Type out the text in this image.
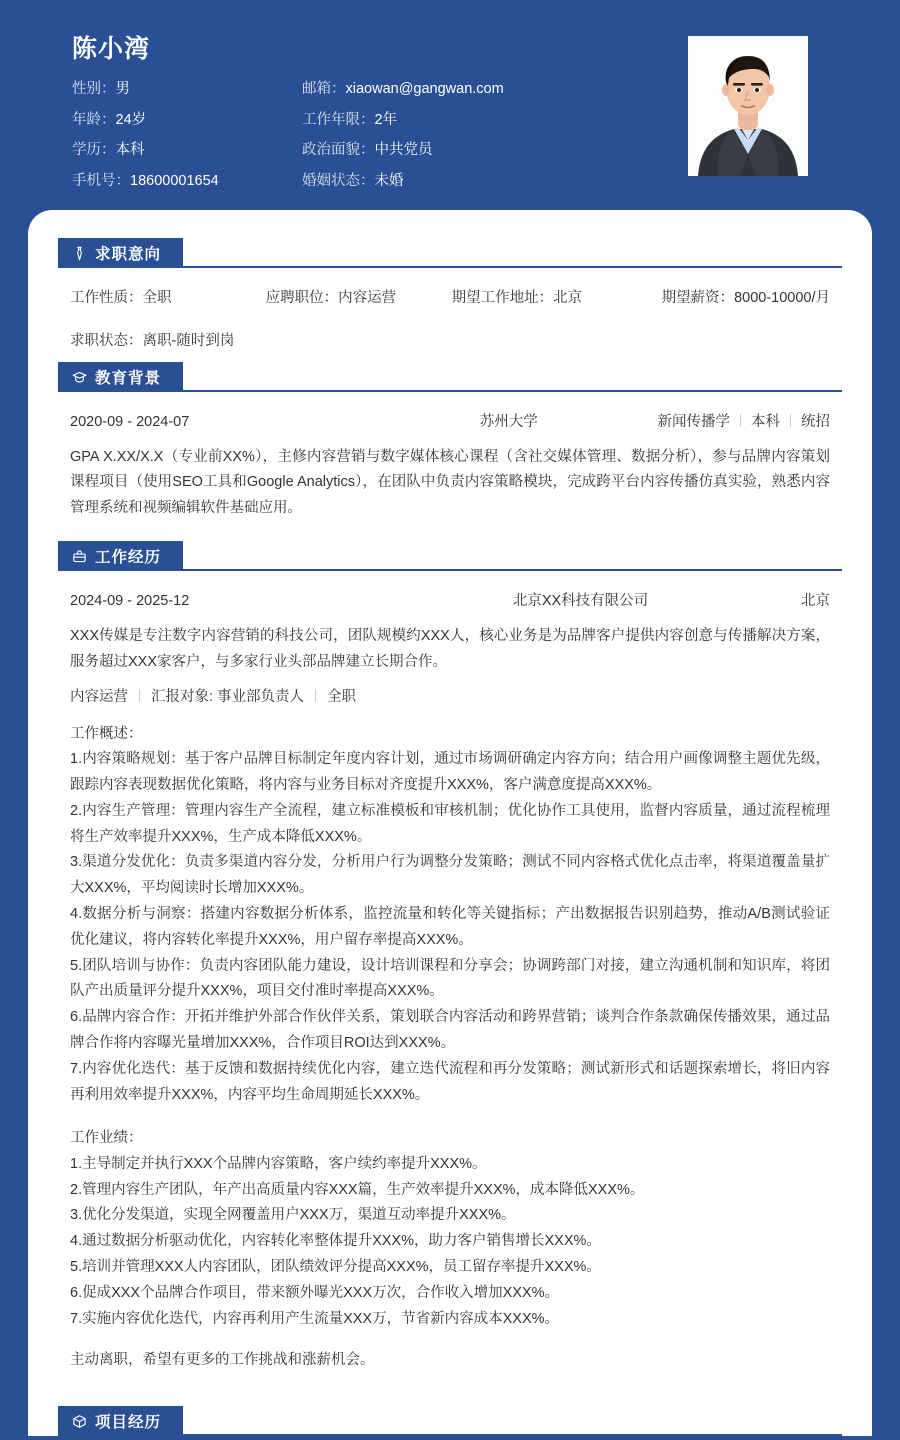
陈小湾
性别：男	邮箱：xiaowan@gangwan.com
年龄：24岁	工作年限：2年
学历：本科	政治面貌：中共党员
手机号：18600001654	婚姻状态：未婚
求职意向
工作性质：全职	应聘职位：内容运营	期望工作地址：北京	期望薪资：8000-10000/月
求职状态：离职-随时到岗
教育背景
2020-09 - 2024-07	苏州大学	新闻传播学	本科	统招
GPA X.XX/X.X（专业前XX%），主修内容营销与数字媒体核心课程（含社交媒体管理、数据分析），参与品牌内容策划课程项目（使用SEO工具和Google Analytics），在团队中负责内容策略模块，完成跨平台内容传播仿真实验，熟悉内容管理系统和视频编辑软件基础应用。
工作经历
2024-09 - 2025-12	北京XX科技有限公司	北京
XXX传媒是专注数字内容营销的科技公司，团队规模约XXX人，核心业务是为品牌客户提供内容创意与传播解决方案，服务超过XXX家客户，与多家行业头部品牌建立长期合作。
内容运营	汇报对象: 事业部负责人	全职
工作概述：
1.内容策略规划：基于客户品牌目标制定年度内容计划，通过市场调研确定内容方向；结合用户画像调整主题优先级，跟踪内容表现数据优化策略，将内容与业务目标对齐度提升XXX%，客户满意度提高XXX%。
2.内容生产管理：管理内容生产全流程，建立标准模板和审核机制；优化协作工具使用，监督内容质量，通过流程梳理将生产效率提升XXX%，生产成本降低XXX%。
3.渠道分发优化：负责多渠道内容分发，分析用户行为调整分发策略；测试不同内容格式优化点击率，将渠道覆盖量扩大XXX%，平均阅读时长增加XXX%。
4.数据分析与洞察：搭建内容数据分析体系，监控流量和转化等关键指标；产出数据报告识别趋势，推动A/B测试验证优化建议，将内容转化率提升XXX%，用户留存率提高XXX%。
5.团队培训与协作：负责内容团队能力建设，设计培训课程和分享会；协调跨部门对接，建立沟通机制和知识库，将团队产出质量评分提升XXX%，项目交付准时率提高XXX%。
6.品牌内容合作：开拓并维护外部合作伙伴关系，策划联合内容活动和跨界营销；谈判合作条款确保传播效果，通过品牌合作将内容曝光量增加XXX%，合作项目ROI达到XXX%。
7.内容优化迭代：基于反馈和数据持续优化内容，建立迭代流程和再分发策略；测试新形式和话题探索增长，将旧内容再利用效率提升XXX%，内容平均生命周期延长XXX%。
工作业绩：
1.主导制定并执行XXX个品牌内容策略，客户续约率提升XXX%。
2.管理内容生产团队，年产出高质量内容XXX篇，生产效率提升XXX%，成本降低XXX%。
3.优化分发渠道，实现全网覆盖用户XXX万，渠道互动率提升XXX%。
4.通过数据分析驱动优化，内容转化率整体提升XXX%，助力客户销售增长XXX%。
5.培训并管理XXX人内容团队，团队绩效评分提高XXX%，员工留存率提升XXX%。
6.促成XXX个品牌合作项目，带来额外曝光XXX万次，合作收入增加XXX%。
7.实施内容优化迭代，内容再利用产生流量XXX万，节省新内容成本XXX%。
主动离职，希望有更多的工作挑战和涨薪机会。
项目经历
